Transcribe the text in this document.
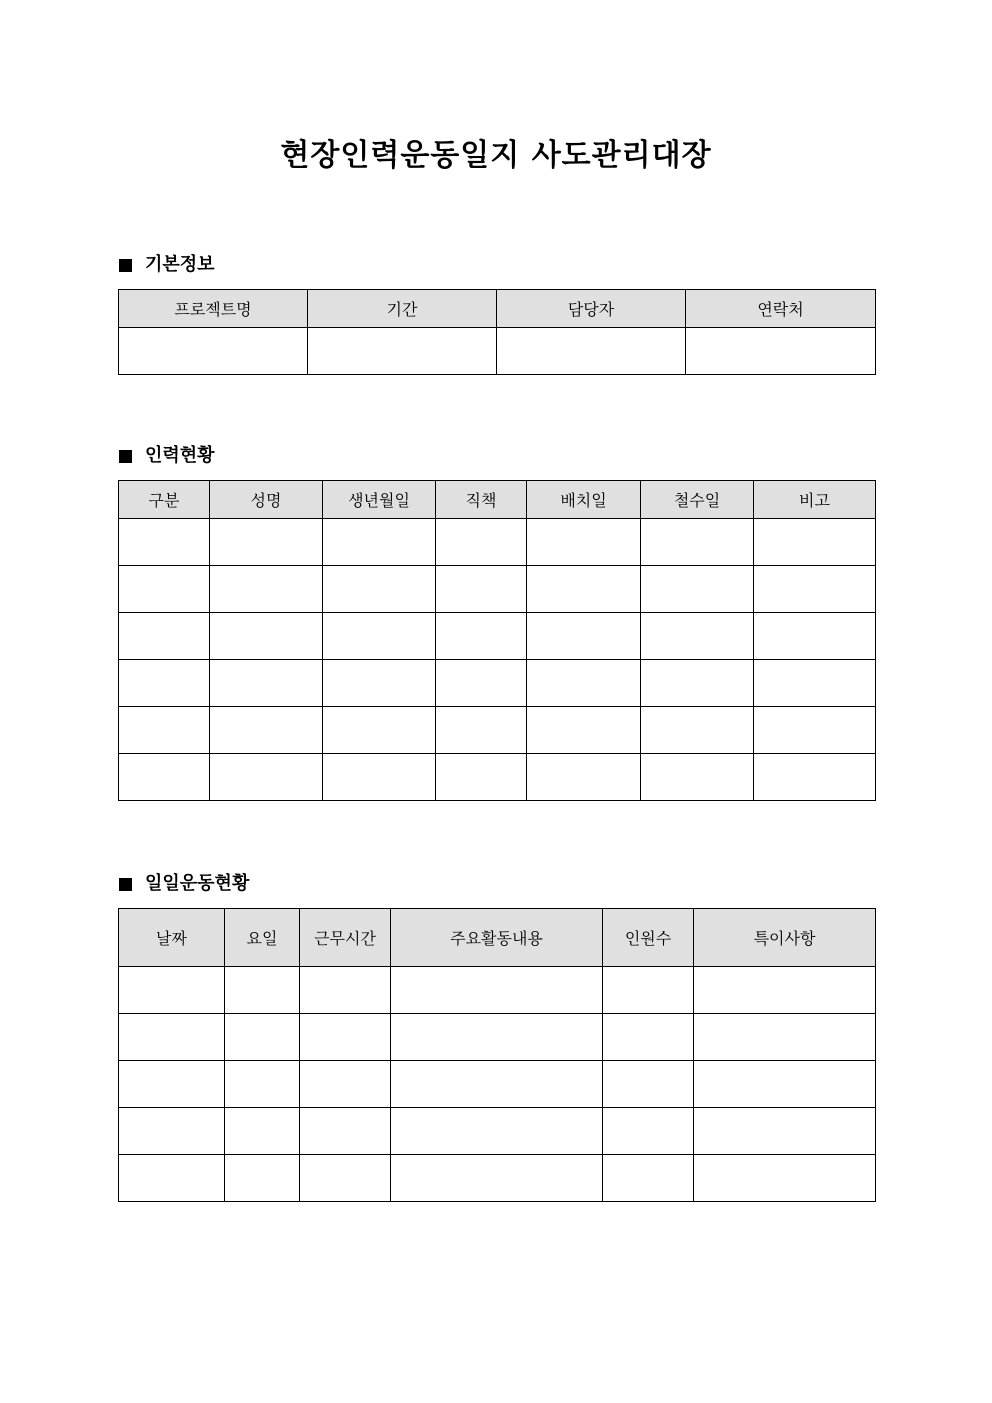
현장인력운동일지 사도관리대장
기본정보
프로젝트명	기간	담당자	연락처

인력현황
구분	성명	생년월일	직책	배치일	철수일	비고

일일운동현황
날짜	요일	근무시간	주요활동내용	인원수	특이사항
